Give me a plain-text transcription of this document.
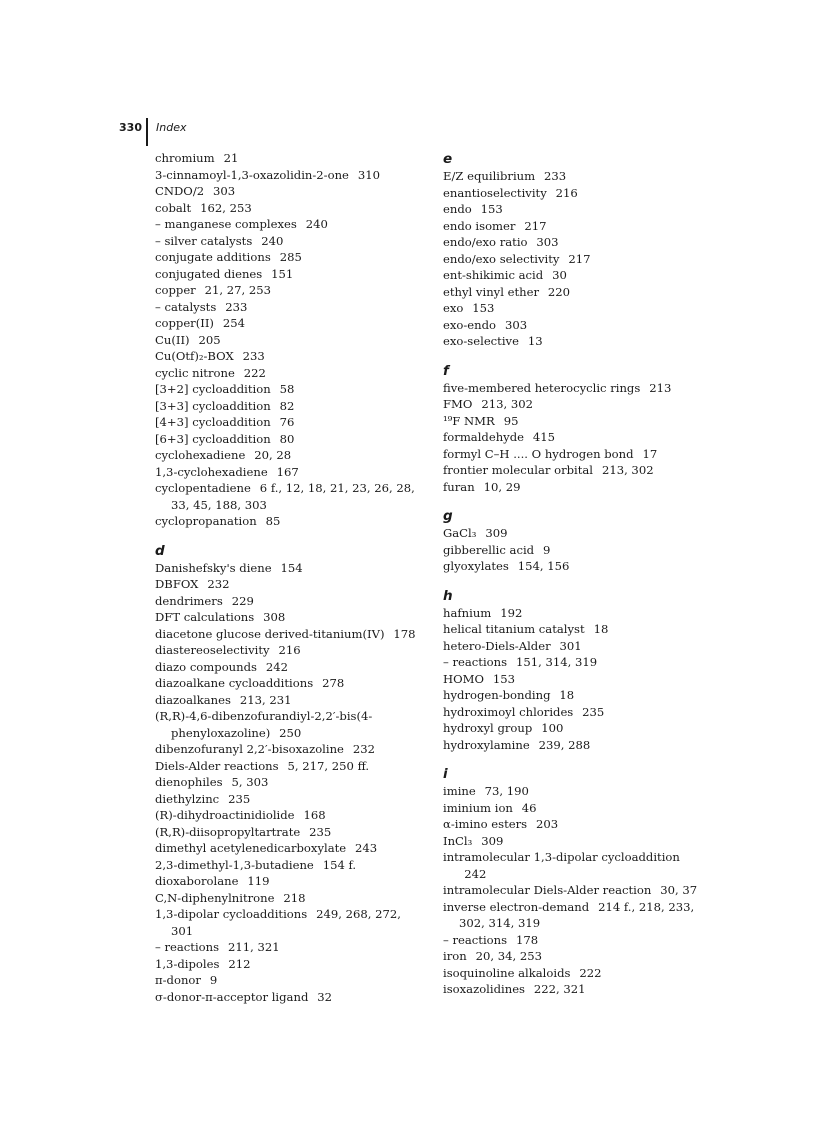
330 Index
chromium 21
3-cinnamoyl-1,3-oxazolidin-2-one 310
CNDO/2 303
cobalt 162, 253
– manganese complexes 240
– silver catalysts 240
conjugate additions 285
conjugated dienes 151
copper 21, 27, 253
– catalysts 233
copper(II) 254
Cu(II) 205
Cu(Otf)₂-BOX 233
cyclic nitrone 222
[3+2] cycloaddition 58
[3+3] cycloaddition 82
[4+3] cycloaddition 76
[6+3] cycloaddition 80
cyclohexadiene 20, 28
1,3-cyclohexadiene 167
cyclopentadiene 6 f., 12, 18, 21, 23, 26, 28, 33, 45, 188, 303
cyclopropanation 85
d
Danishefsky's diene 154
DBFOX 232
dendrimers 229
DFT calculations 308
diacetone glucose derived-titanium(IV) 178
diastereoselectivity 216
diazo compounds 242
diazoalkane cycloadditions 278
diazoalkanes 213, 231
(R,R)-4,6-dibenzofurandiyl-2,2′-bis(4-phenyloxazoline) 250
dibenzofuranyl 2,2′-bisoxazoline 232
Diels-Alder reactions 5, 217, 250 ff.
dienophiles 5, 303
diethylzinc 235
(R)-dihydroactinidiolide 168
(R,R)-diisopropyltartrate 235
dimethyl acetylenedicarboxylate 243
2,3-dimethyl-1,3-butadiene 154 f.
dioxaborolane 119
C,N-diphenylnitrone 218
1,3-dipolar cycloadditions 249, 268, 272, 301
– reactions 211, 321
1,3-dipoles 212
π-donor 9
σ-donor-π-acceptor ligand 32
e
E/Z equilibrium 233
enantioselectivity 216
endo 153
endo isomer 217
endo/exo ratio 303
endo/exo selectivity 217
ent-shikimic acid 30
ethyl vinyl ether 220
exo 153
exo-endo 303
exo-selective 13
f
five-membered heterocyclic rings 213
FMO 213, 302
¹⁹F NMR 95
formaldehyde 415
formyl C–H .... O hydrogen bond 17
frontier molecular orbital 213, 302
furan 10, 29
g
GaCl₃ 309
gibberellic acid 9
glyoxylates 154, 156
h
hafnium 192
helical titanium catalyst 18
hetero-Diels-Alder 301
– reactions 151, 314, 319
HOMO 153
hydrogen-bonding 18
hydroximoyl chlorides 235
hydroxyl group 100
hydroxylamine 239, 288
i
imine 73, 190
iminium ion 46
α-imino esters 203
InCl₃ 309
intramolecular 1,3-dipolar cycloaddition 242
intramolecular Diels-Alder reaction 30, 37
inverse electron-demand 214 f., 218, 233, 302, 314, 319
– reactions 178
iron 20, 34, 253
isoquinoline alkaloids 222
isoxazolidines 222, 321
